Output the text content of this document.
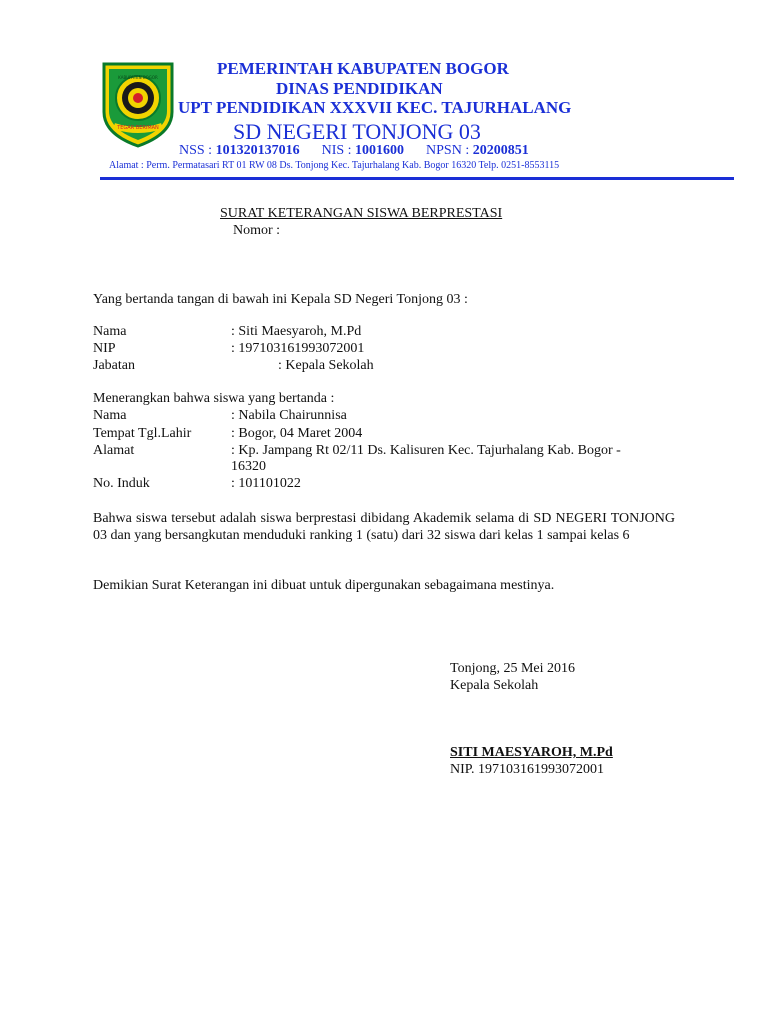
TEGAR BERIMAN
KABUPATEN BOGOR	PEMERINTAH KABUPATEN BOGOR
DINAS PENDIDIKAN
UPT PENDIDIKAN XXXVII KEC. TAJURHALANG
SD NEGERI TONJONG 03
NSS : 101320137016 NIS : 1001600 NPSN : 20200851
Alamat : Perm. Permatasari RT 01 RW 08 Ds. Tonjong Kec. Tajurhalang Kab. Bogor 16320 Telp. 0251-8553115
SURAT KETERANGAN SISWA BERPRESTASI
Nomor :
Yang bertanda tangan di bawah ini Kepala SD Negeri Tonjong 03 :
Nama	: Siti Maesyaroh, M.Pd
NIP	: 197103161993072001
Jabatan	: Kepala Sekolah
Menerangkan bahwa siswa yang bertanda :
Nama	: Nabila Chairunnisa
Tempat Tgl.Lahir	: Bogor, 04 Maret 2004
Alamat	: Kp. Jampang Rt 02/11 Ds. Kalisuren Kec. Tajurhalang Kab. Bogor -
16320
No. Induk	: 101101022
Bahwa siswa tersebut adalah siswa berprestasi dibidang Akademik selama di SD NEGERI TONJONG 03 dan yang bersangkutan menduduki ranking 1 (satu) dari 32 siswa dari kelas 1 sampai kelas 6
Demikian Surat Keterangan ini dibuat untuk dipergunakan sebagaimana mestinya.
Tonjong, 25 Mei 2016
Kepala Sekolah
SITI MAESYAROH, M.Pd
NIP. 197103161993072001
